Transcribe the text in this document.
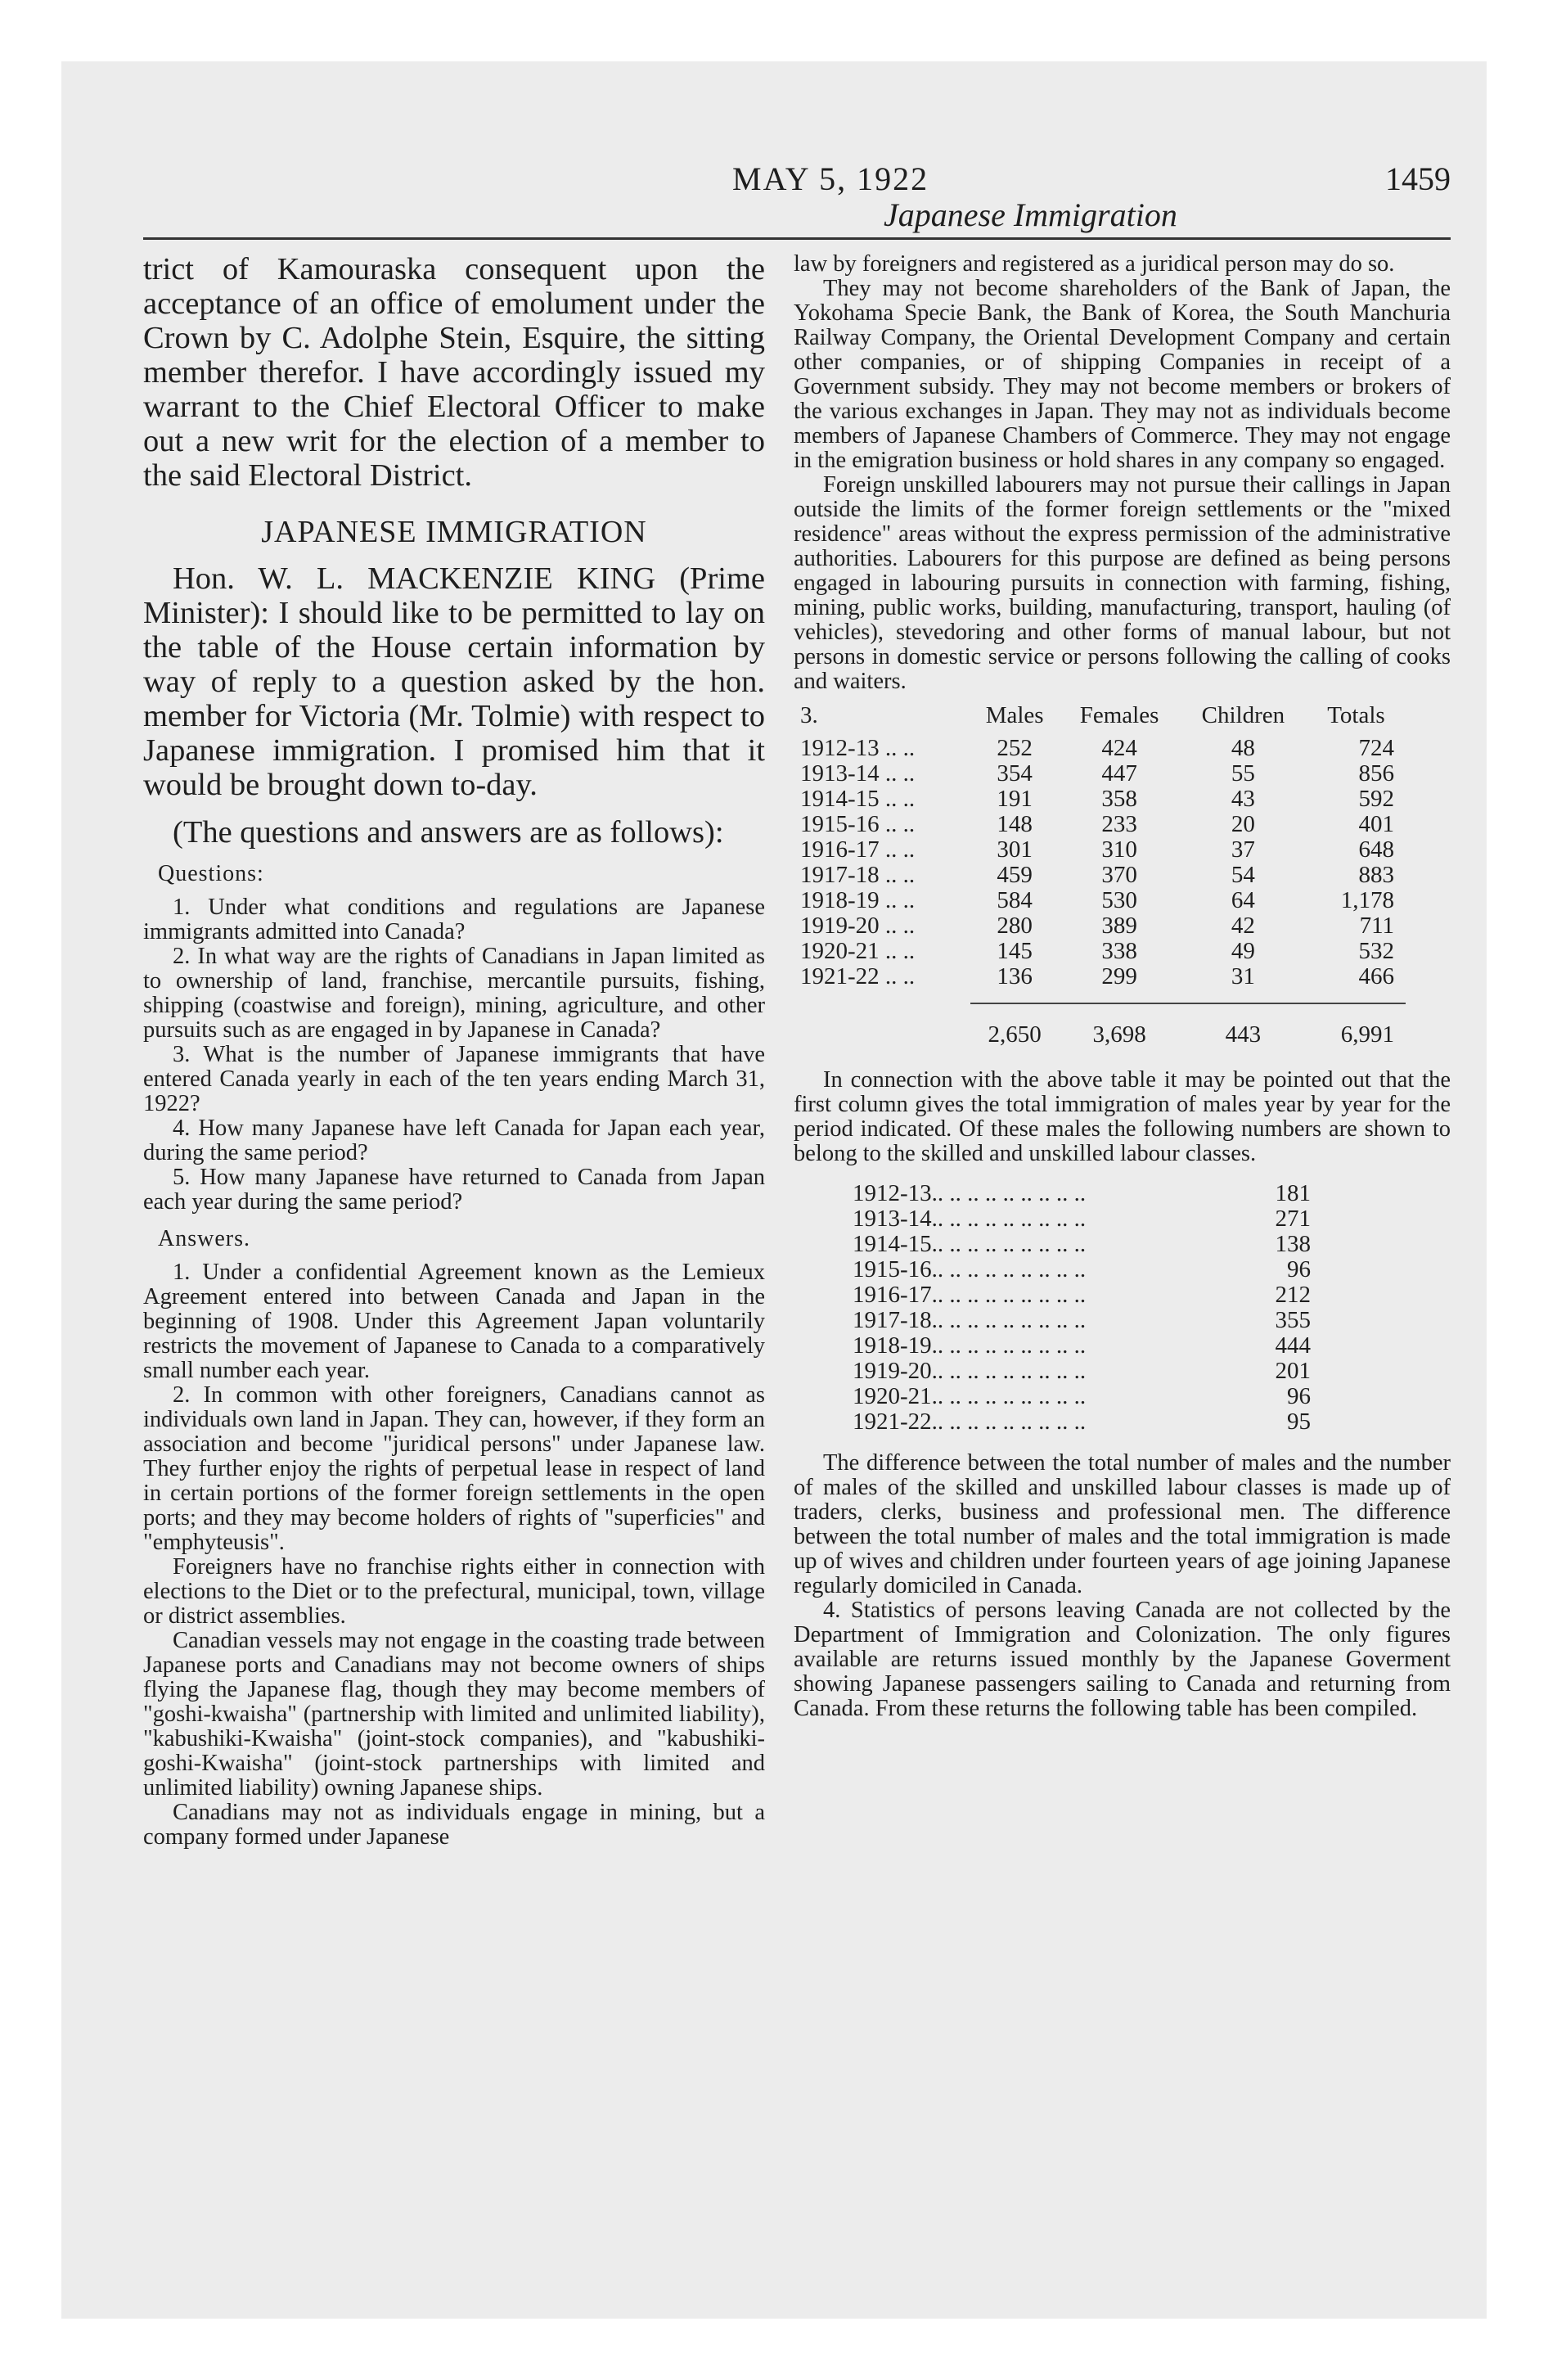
MAY 5, 1922	1459
Japanese Immigration

trict of Kamouraska consequent upon the acceptance of an office of emolument under the Crown by C. Adolphe Stein, Esquire, the sitting member therefor. I have accordingly issued my warrant to the Chief Electoral Officer to make out a new writ for the election of a member to the said Electoral District.

JAPANESE IMMIGRATION

Hon. W. L. MACKENZIE KING (Prime Minister): I should like to be permitted to lay on the table of the House certain information by way of reply to a question asked by the hon. member for Victoria (Mr. Tolmie) with respect to Japanese immigration. I promised him that it would be brought down to-day.

(The questions and answers are as follows):

Questions:

1. Under what conditions and regulations are Japanese immigrants admitted into Canada?

2. In what way are the rights of Canadians in Japan limited as to ownership of land, franchise, mercantile pursuits, fishing, shipping (coastwise and foreign), mining, agriculture, and other pursuits such as are engaged in by Japanese in Canada?

3. What is the number of Japanese immigrants that have entered Canada yearly in each of the ten years ending March 31, 1922?

4. How many Japanese have left Canada for Japan each year, during the same period?

5. How many Japanese have returned to Canada from Japan each year during the same period?

Answers.

1. Under a confidential Agreement known as the Lemieux Agreement entered into between Canada and Japan in the beginning of 1908. Under this Agreement Japan voluntarily restricts the movement of Japanese to Canada to a comparatively small number each year.

2. In common with other foreigners, Canadians cannot as individuals own land in Japan. They can, however, if they form an association and become "juridical persons" under Japanese law. They further enjoy the rights of perpetual lease in respect of land in certain portions of the former foreign settlements in the open ports; and they may become holders of rights of "superficies" and "emphyteusis".

Foreigners have no franchise rights either in connection with elections to the Diet or to the prefectural, municipal, town, village or district assemblies.

Canadian vessels may not engage in the coasting trade between Japanese ports and Canadians may not become owners of ships flying the Japanese flag, though they may become members of "goshi-kwaisha" (partnership with limited and unlimited liability), "kabushiki-Kwaisha" (joint-stock companies), and "kabushiki-goshi-Kwaisha" (joint-stock partnerships with limited and unlimited liability) owning Japanese ships.

Canadians may not as individuals engage in mining, but a company formed under Japanese

law by foreigners and registered as a juridical person may do so.

They may not become shareholders of the Bank of Japan, the Yokohama Specie Bank, the Bank of Korea, the South Manchuria Railway Company, the Oriental Development Company and certain other companies, or of shipping Companies in receipt of a Government subsidy. They may not become members or brokers of the various exchanges in Japan. They may not as individuals become members of Japanese Chambers of Commerce. They may not engage in the emigration business or hold shares in any company so engaged.

Foreign unskilled labourers may not pursue their callings in Japan outside the limits of the former foreign settlements or the "mixed residence" areas without the express permission of the administrative authorities. Labourers for this purpose are defined as being persons engaged in labouring pursuits in connection with farming, fishing, mining, public works, building, manufacturing, transport, hauling (of vehicles), stevedoring and other forms of manual labour, but not persons in domestic service or persons following the calling of cooks and waiters.

3.	Males	Females	Children	Totals
1912-13 .. ..	252	424	48	724
1913-14 .. ..	354	447	55	856
1914-15 .. ..	191	358	43	592
1915-16 .. ..	148	233	20	401
1916-17 .. ..	301	310	37	648
1917-18 .. ..	459	370	54	883
1918-19 .. ..	584	530	64	1,178
1919-20 .. ..	280	389	42	711
1920-21 .. ..	145	338	49	532
1921-22 .. ..	136	299	31	466

	2,650	3,698	443	6,991

In connection with the above table it may be pointed out that the first column gives the total immigration of males year by year for the period indicated. Of these males the following numbers are shown to belong to the skilled and unskilled labour classes.

1912-13.. .. .. .. .. .. .. .. ..	181
1913-14.. .. .. .. .. .. .. .. ..	271
1914-15.. .. .. .. .. .. .. .. ..	138
1915-16.. .. .. .. .. .. .. .. ..	96
1916-17.. .. .. .. .. .. .. .. ..	212
1917-18.. .. .. .. .. .. .. .. ..	355
1918-19.. .. .. .. .. .. .. .. ..	444
1919-20.. .. .. .. .. .. .. .. ..	201
1920-21.. .. .. .. .. .. .. .. ..	96
1921-22.. .. .. .. .. .. .. .. ..	95

The difference between the total number of males and the number of males of the skilled and unskilled labour classes is made up of traders, clerks, business and professional men. The difference between the total number of males and the total immigration is made up of wives and children under fourteen years of age joining Japanese regularly domiciled in Canada.

4. Statistics of persons leaving Canada are not collected by the Department of Immigration and Colonization. The only figures available are returns issued monthly by the Japanese Goverment showing Japanese passengers sailing to Canada and returning from Canada. From these returns the following table has been compiled.
